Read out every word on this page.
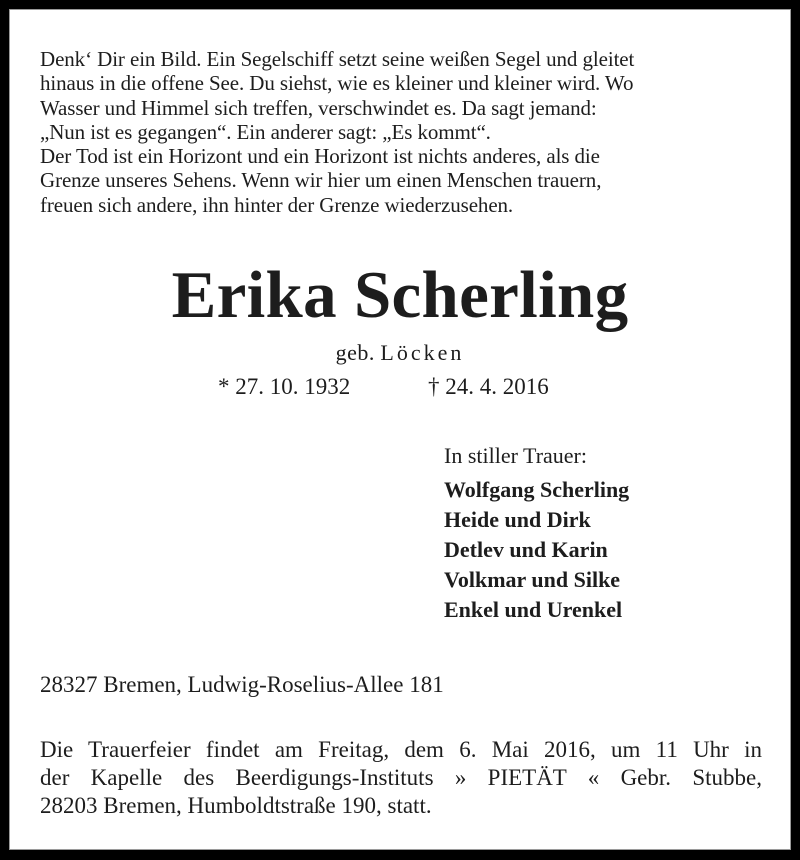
Denk‘ Dir ein Bild. Ein Segelschiff setzt seine weißen Segel und gleitet
hinaus in die offene See. Du siehst, wie es kleiner und kleiner wird. Wo
Wasser und Himmel sich treffen, verschwindet es. Da sagt jemand:
„Nun ist es gegangen“. Ein anderer sagt: „Es kommt“.
Der Tod ist ein Horizont und ein Horizont ist nichts anderes, als die
Grenze unseres Sehens. Wenn wir hier um einen Menschen trauern,
freuen sich andere, ihn hinter der Grenze wiederzusehen.
Erika Scherling
geb. Löcken
* 27. 10. 1932	† 24. 4. 2016
In stiller Trauer:
Wolfgang Scherling
Heide und Dirk
Detlev und Karin
Volkmar und Silke
Enkel und Urenkel
28327 Bremen, Ludwig-Roselius-Allee 181
Die Trauerfeier findet am Freitag, dem 6. Mai 2016, um 11 Uhr in
der Kapelle des Beerdigungs-Instituts » PIETÄT « Gebr. Stubbe,
28203 Bremen, Humboldtstraße 190, statt.
